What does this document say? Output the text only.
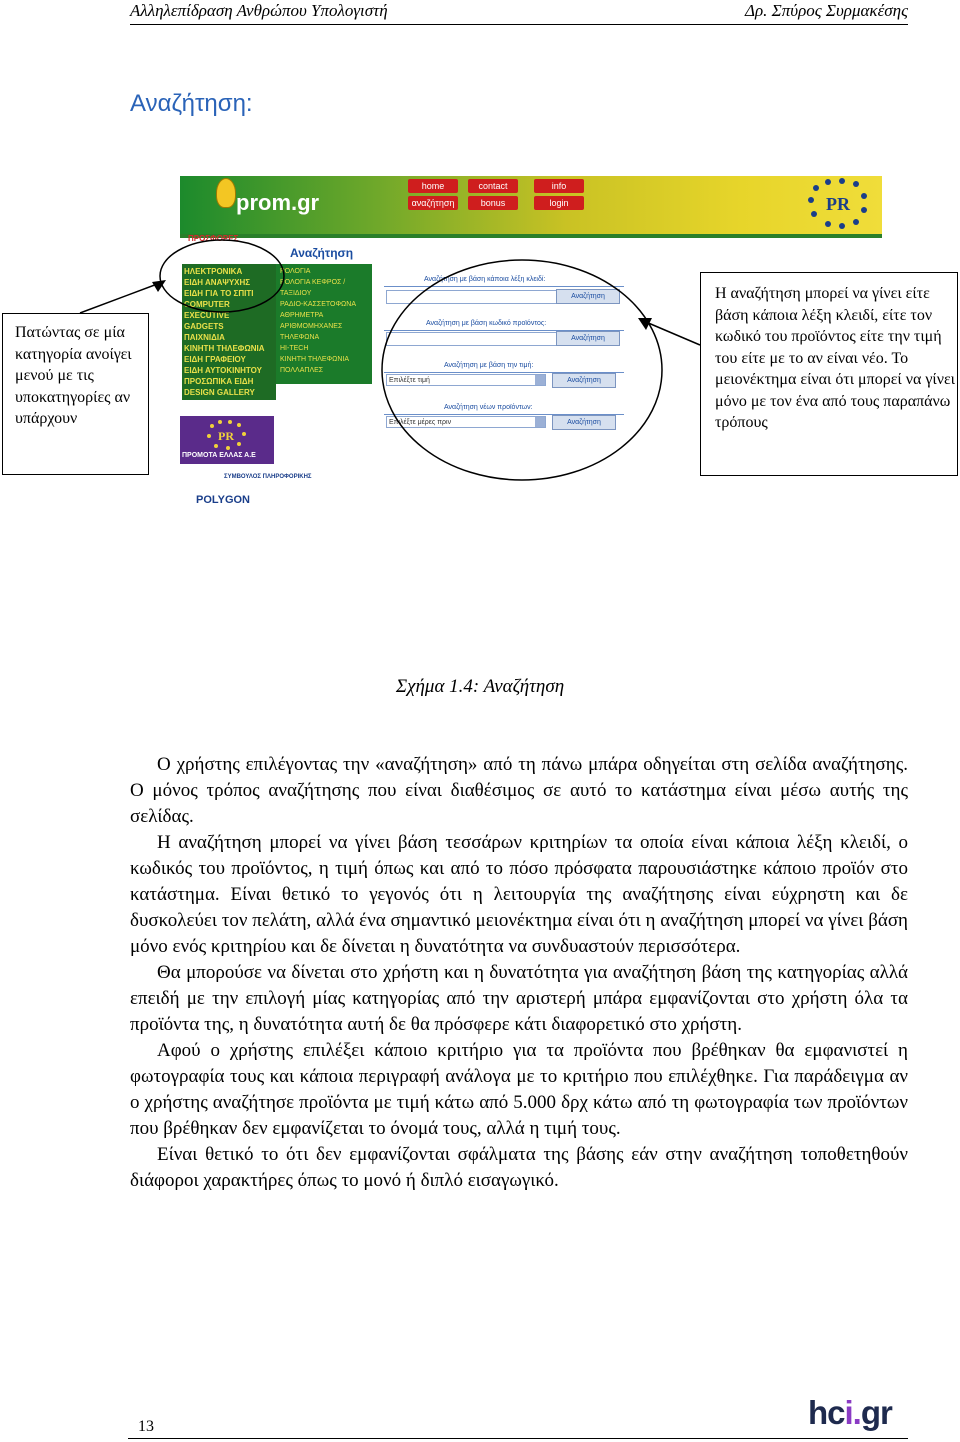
Αλληλεπίδραση Ανθρώπου Υπολογιστή	Δρ. Σπύρος Συρμακέσης
Αναζήτηση:
prom.gr
home	contact	info
αναζήτηση	bonus	login	PR
ΠΡΟΣΦΟΡΕΣ
ΗΛΕΚΤΡΟΝΙΚΑ
ΕΙΔΗ ΑΝΑΨΥΧΗΣ
ΕΙΔΗ ΓΙΑ ΤΟ ΣΠΙΤΙ
COMPUTER
EXECUTIVE
GADGETS
ΠΑΙΧΝΙΔΙΑ
ΚΙΝΗΤΗ ΤΗΛΕΦΩΝΙΑ
ΕΙΔΗ ΓΡΑΦΕΙΟΥ
ΕΙΔΗ ΑΥΤΟΚΙΝΗΤΟΥ
ΠΡΟΣΩΠΙΚΑ ΕΙΔΗ
DESIGN GALLERY
ΡΟΛΟΓΙΑ
ΡΟΛΟΓΙΑ ΚΕΦΡΟΣ /
ΤΑΞΙΔΙΟΥ
ΡΑΔΙΟ-ΚΑΣΣΕΤΟΦΩΝΑ
ΑΘΡΗΜΕΤΡΑ
ΑΡΙΘΜΟΜΗΧΑΝΕΣ
ΤΗΛΕΦΩΝΑ
HI-TECH
ΚΙΝΗΤΗ ΤΗΛΕΦΩΝΙΑ
ΠΟΛΛΑΠΛΕΣ
Αναζήτηση
Αναζήτηση με βάση κάποια λέξη κλειδί:
Αναζήτηση
Αναζήτηση με βάση κωδικό προϊόντος:
Αναζήτηση
Αναζήτηση με βάση την τιμή:
Επιλέξτε τιμή	Αναζήτηση
Αναζήτηση νέων προϊόντων:
Επιλέξτε μέρες πριν	Αναζήτηση
PR
ΠΡΟΜΟΤΑ ΕΛΛΑΣ Α.Ε
ΣΥΜΒΟΥΛΟΣ ΠΛΗΡΟΦΟΡΙΚΗΣ
POLYGON
Πατώντας σε μία κατηγορία ανοίγει μενού με τις υποκατηγορίες αν υπάρχουν
Η αναζήτηση μπορεί να γίνει είτε βάση κάποια λέξη κλειδί, είτε τον κωδικό του προϊόντος είτε την τιμή του είτε με το αν είναι νέο. Το μειονέκτημα είναι ότι μπορεί να γίνει μόνο με τον ένα από τους παραπάνω τρόπους
Σχήμα 1.4: Αναζήτηση

Ο χρήστης επιλέγοντας την «αναζήτηση» από τη πάνω μπάρα οδηγείται στη σελίδα αναζήτησης. Ο μόνος τρόπος αναζήτησης που είναι διαθέσιμος σε αυτό το κατάστημα είναι μέσω αυτής της σελίδας.

Η αναζήτηση μπορεί να γίνει βάση τεσσάρων κριτηρίων τα οποία είναι κάποια λέξη κλειδί, ο κωδικός του προϊόντος, η τιμή όπως και από το πόσο πρόσφατα παρουσιάστηκε κάποιο προϊόν στο κατάστημα. Είναι θετικό το γεγονός ότι η λειτουργία της αναζήτησης είναι εύχρηστη και δε δυσκολεύει τον πελάτη, αλλά ένα σημαντικό μειονέκτημα είναι ότι η αναζήτηση μπορεί να γίνει βάση μόνο ενός κριτηρίου και δε δίνεται η δυνατότητα να συνδυαστούν περισσότερα.

Θα μπορούσε να δίνεται στο χρήστη και η δυνατότητα για αναζήτηση βάση της κατηγορίας αλλά επειδή με την επιλογή μίας κατηγορίας από την αριστερή μπάρα εμφανίζονται στο χρήστη όλα τα προϊόντα της, η δυνατότητα αυτή δε θα πρόσφερε κάτι διαφορετικό στο χρήστη.

Αφού ο χρήστης επιλέξει κάποιο κριτήριο για τα προϊόντα που βρέθηκαν θα εμφανιστεί η φωτογραφία τους και κάποια περιγραφή ανάλογα με το κριτήριο που επιλέχθηκε. Για παράδειγμα αν ο χρήστης αναζήτησε προϊόντα με τιμή κάτω από 5.000 δρχ κάτω από τη φωτογραφία των προϊόντων που βρέθηκαν δεν εμφανίζεται το όνομά τους, αλλά η τιμή τους.

Είναι θετικό το ότι δεν εμφανίζονται σφάλματα της βάσης εάν στην αναζήτηση τοποθετηθούν διάφοροι χαρακτήρες όπως το μονό ή διπλό εισαγωγικό.

13	hci.gr
